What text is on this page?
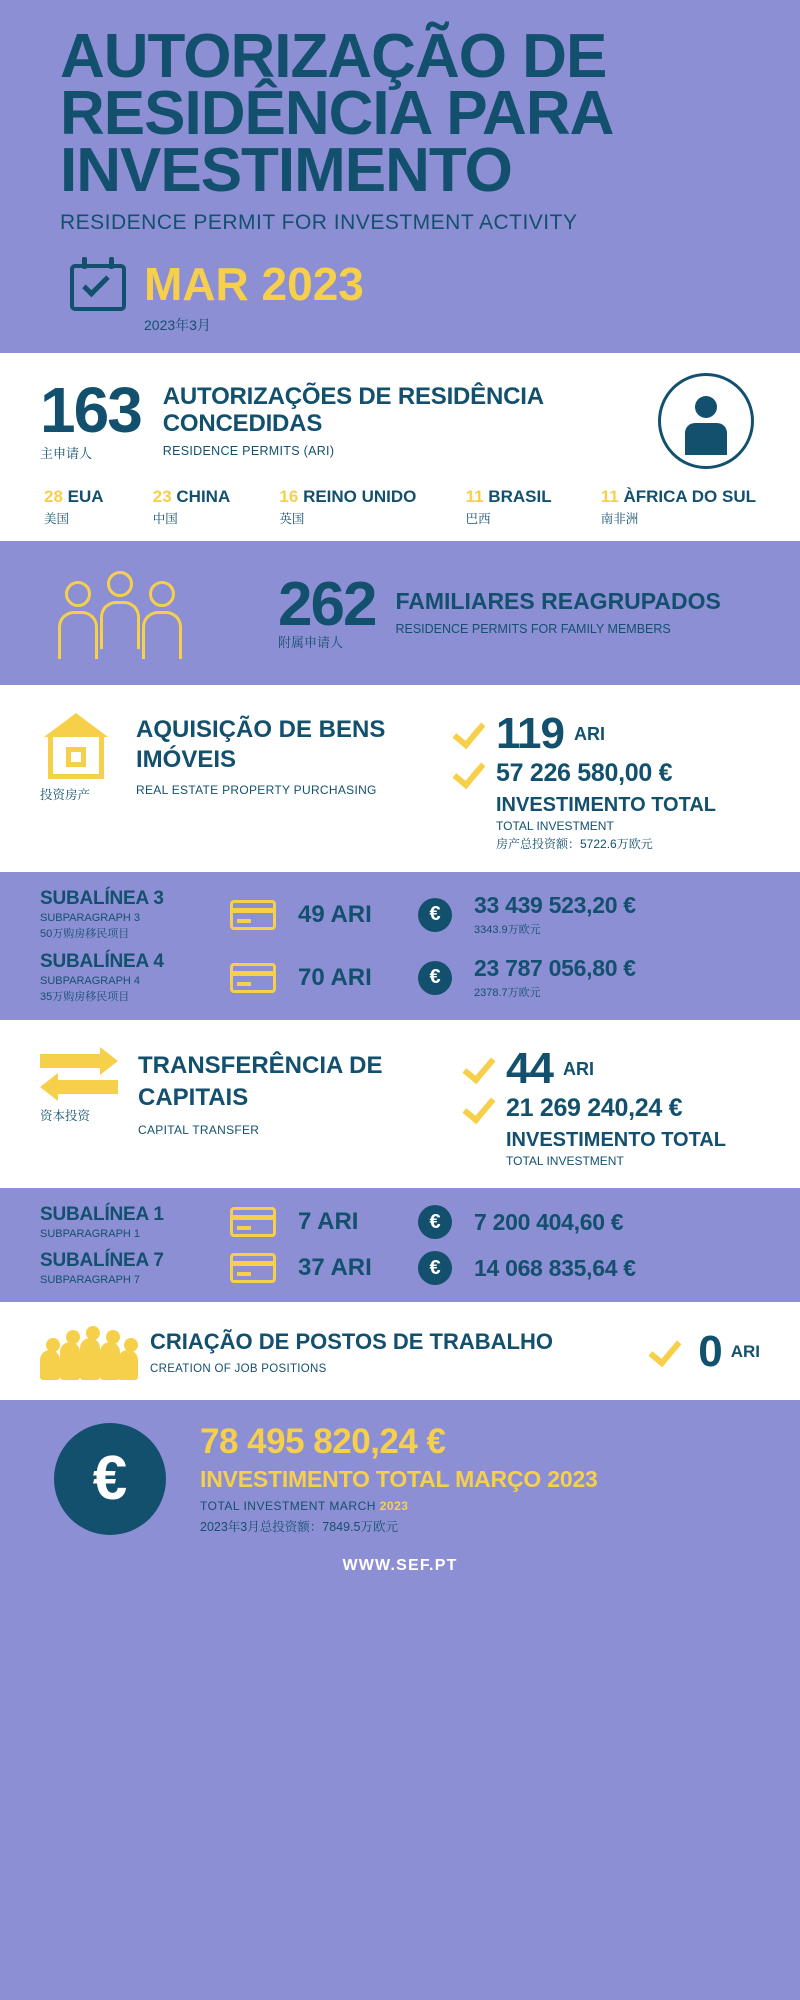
AUTORIZAÇÃO DE RESIDÊNCIA PARA INVESTIMENTO
RESIDENCE PERMIT FOR INVESTMENT ACTIVITY
MAR 2023
2023年3月
163
主申请人
AUTORIZAÇÕES DE RESIDÊNCIA CONCEDIDAS
RESIDENCE PERMITS (ARI)
28 EUA
美国
23 CHINA
中国
16 REINO UNIDO
英国
11 BRASIL
巴西
11 ÀFRICA DO SUL
南非洲
262
附属申请人
FAMILIARES REAGRUPADOS
RESIDENCE PERMITS FOR FAMILY MEMBERS
投资房产
AQUISIÇÃO DE BENS IMÓVEIS
REAL ESTATE PROPERTY PURCHASING
119 ARI
57 226 580,00 €
INVESTIMENTO TOTAL
TOTAL INVESTMENT
房产总投资额：5722.6万欧元
SUBALÍNEA 3
SUBPARAGRAPH 3
50万购房移民项目
49 ARI	€	33 439 523,20 €
3343.9万欧元
SUBALÍNEA 4
SUBPARAGRAPH 4
35万购房移民项目
70 ARI	€	23 787 056,80 €
2378.7万欧元
资本投资
TRANSFERÊNCIA DE CAPITAIS
CAPITAL TRANSFER
44 ARI
21 269 240,24 €
INVESTIMENTO TOTAL
TOTAL INVESTMENT
SUBALÍNEA 1
SUBPARAGRAPH 1	7 ARI	€	7 200 404,60 €
SUBALÍNEA 7
SUBPARAGRAPH 7	37 ARI	€	14 068 835,64 €
CRIAÇÃO DE POSTOS DE TRABALHO
CREATION OF JOB POSITIONS	0 ARI
€
78 495 820,24 €
INVESTIMENTO TOTAL MARÇO 2023
TOTAL INVESTMENT MARCH 2023
2023年3月总投资额：7849.5万欧元
WWW.SEF.PT
